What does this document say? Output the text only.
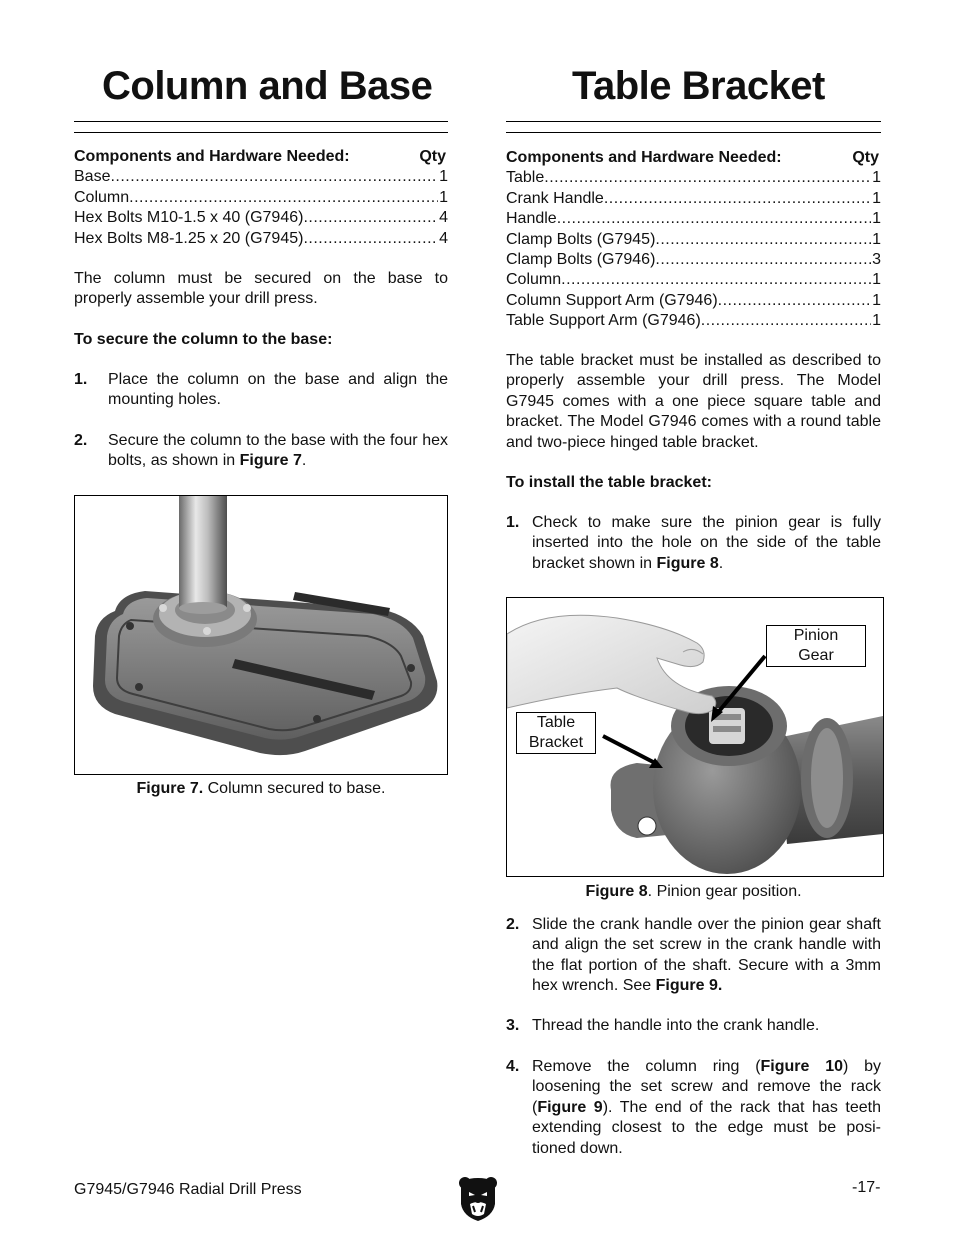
Column and Base
Components and Hardware Needed:	Qty
Base .....	1
Column .....	1
Hex Bolts M10-1.5 x 40 (G7946) .....	4
Hex Bolts M8-1.25 x 20 (G7945) .....	4
The column must be secured on the base to properly assemble your drill press.
To secure the column to the base:
1.	Place the column on the base and align the mounting holes.
2.	Secure the column to the base with the four hex bolts, as shown in Figure 7.
Figure 7. Column secured to base.
Table Bracket
Components and Hardware Needed:	Qty
Table .....	1
Crank Handle .....	1
Handle .....	1
Clamp Bolts (G7945) .....	1
Clamp Bolts (G7946) .....	3
Column .....	1
Column Support Arm (G7946) .....	1
Table Support Arm (G7946) .....	1
The table bracket must be installed as described to properly assemble your drill press. The Model G7945 comes with a one piece square table and bracket. The Model G7946 comes with a round table and two-piece hinged table bracket.
To install the table bracket:
1. Check to make sure the pinion gear is fully inserted into the hole on the side of the table bracket shown in Figure 8.
Pinion
Gear
Table
Bracket
Figure 8. Pinion gear position.
2. Slide the crank handle over the pinion gear shaft and align the set screw in the crank handle with the flat portion of the shaft. Secure with a 3mm hex wrench. See Figure 9.
3. Thread the handle into the crank handle.
4. Remove the column ring (Figure 10) by loosening the set screw and remove the rack (Figure 9). The end of the rack that has teeth extending closest to the edge must be posi-tioned down.
G7945/G7946 Radial Drill Press	-17-
